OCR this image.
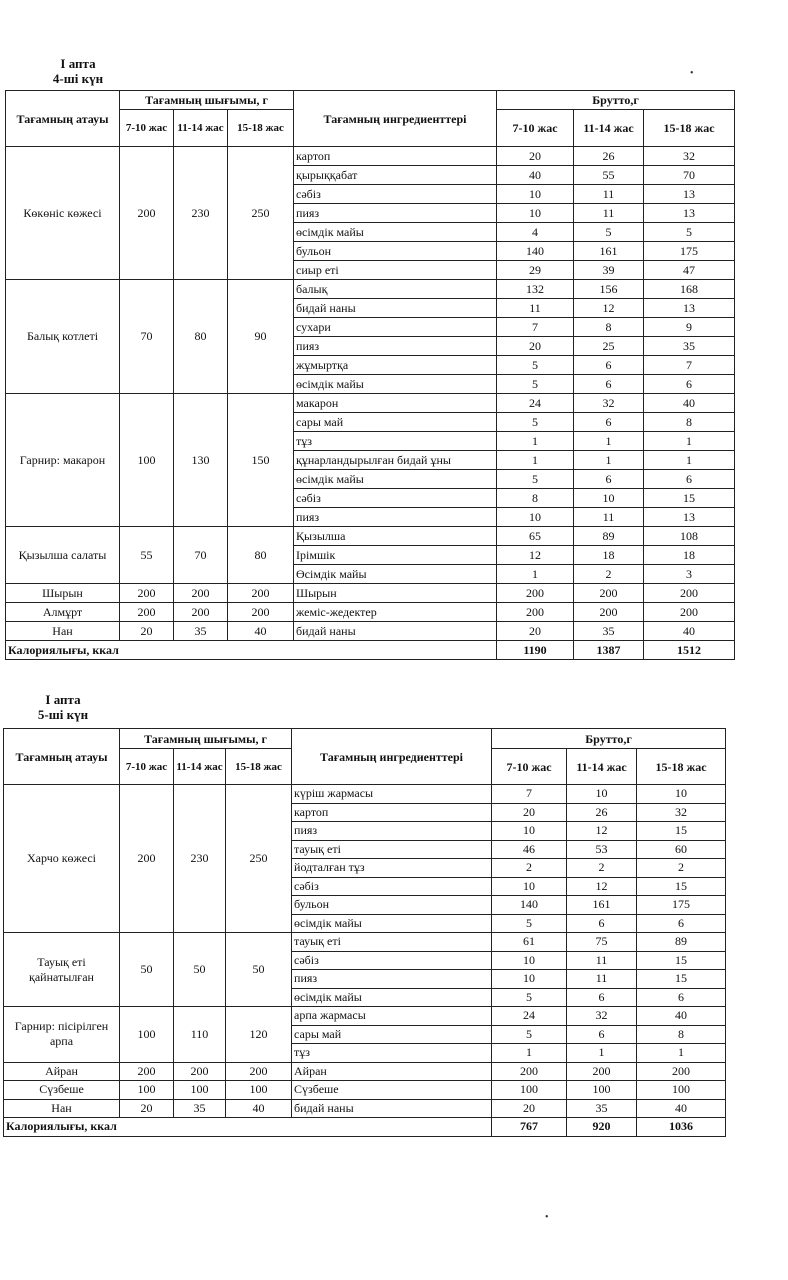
I апта
4-ші күн
Тағамның атауы	Тағамның шығымы, г			Тағамның ингредиенттері	Брутто,г		
	7-10 жас	11-14 жас	15-18 жас		7-10 жас	11-14 жас	15-18 жас
Көкөніс көжесі	200	230	250	картоп	20	26	32
				қырыққабат	40	55	70
				сәбіз	10	11	13
				пияз	10	11	13
				өсімдік майы	4	5	5
				бульон	140	161	175
				сиыр еті	29	39	47
Балық котлеті	70	80	90	балық	132	156	168
				бидай наны	11	12	13
				сухари	7	8	9
				пияз	20	25	35
				жұмыртқа	5	6	7
				өсімдік майы	5	6	6
Гарнир: макарон	100	130	150	макарон	24	32	40
				сары май	5	6	8
				тұз	1	1	1
				құнарландырылған бидай ұны	1	1	1
				өсімдік майы	5	6	6
				сәбіз	8	10	15
				пияз	10	11	13
Қызылша салаты	55	70	80	Қызылша	65	89	108
				Ірімшік	12	18	18
				Өсімдік майы	1	2	3
Шырын	200	200	200	Шырын	200	200	200
Алмұрт	200	200	200	жеміс-жедектер	200	200	200
Нан	20	35	40	бидай наны	20	35	40
Калориялығы, ккал					1190	1387	1512
I апта
5-ші күн
Тағамның атауы	Тағамның шығымы, г			Тағамның ингредиенттері	Брутто,г		
	7-10 жас	11-14 жас	15-18 жас		7-10 жас	11-14 жас	15-18 жас
Харчо көжесі	200	230	250	күріш жармасы	7	10	10
				картоп	20	26	32
				пияз	10	12	15
				тауық еті	46	53	60
				йодталған тұз	2	2	2
				сәбіз	10	12	15
				бульон	140	161	175
				өсімдік майы	5	6	6
Тауық еті қайнатылған	50	50	50	тауық еті	61	75	89
				сәбіз	10	11	15
				пияз	10	11	15
				өсімдік майы	5	6	6
Гарнир: пісірілген арпа	100	110	120	арпа жармасы	24	32	40
				сары май	5	6	8
				тұз	1	1	1
Айран	200	200	200	Айран	200	200	200
Сүзбеше	100	100	100	Сүзбеше	100	100	100
Нан	20	35	40	бидай наны	20	35	40
Калориялығы, ккал					767	920	1036
•
•
